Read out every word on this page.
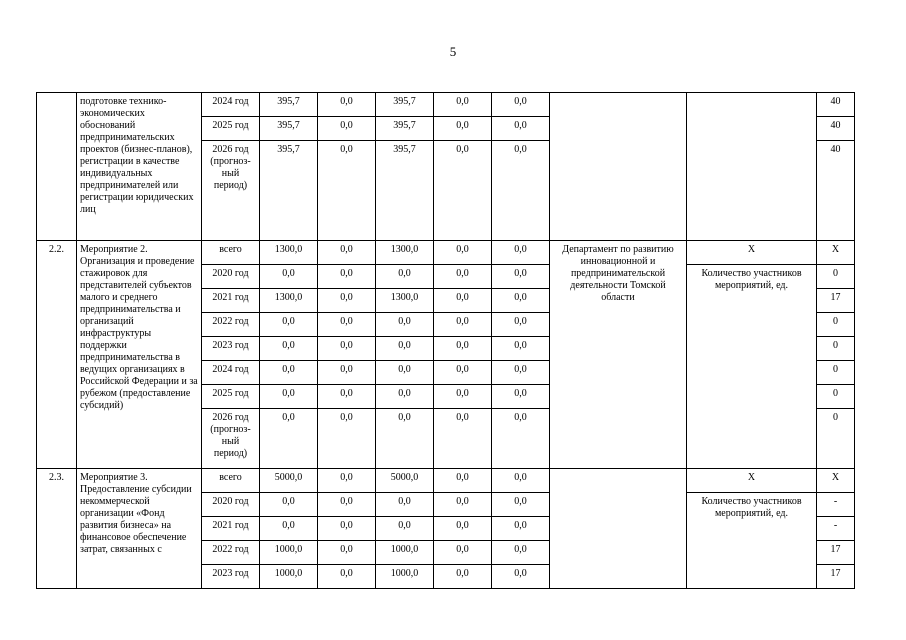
5
	подготовке технико-экономических обоснований предпринимательских проектов (бизнес-планов), регистрации в качестве индивидуальных предпринимателей или регистрации юридических лиц	2024 год	395,7	0,0	395,7	0,0	0,0			40
		2025 год	395,7	0,0	395,7	0,0	0,0			40
		2026 год (прогноз-ный период)	395,7	0,0	395,7	0,0	0,0			40
2.2.	Мероприятие 2. Организация и проведение стажировок для представителей субъектов малого и среднего предпринимательства и организаций инфраструктуры поддержки предпринимательства в ведущих организациях в Российской Федерации и за рубежом (предоставление субсидий)	всего	1300,0	0,0	1300,0	0,0	0,0	Департамент по развитию инновационной и предпринимательской деятельности Томской области	Х	Х
		2020 год	0,0	0,0	0,0	0,0	0,0		Количество участников мероприятий, ед.	0
		2021 год	1300,0	0,0	1300,0	0,0	0,0			17
		2022 год	0,0	0,0	0,0	0,0	0,0			0
		2023 год	0,0	0,0	0,0	0,0	0,0			0
		2024 год	0,0	0,0	0,0	0,0	0,0			0
		2025 год	0,0	0,0	0,0	0,0	0,0			0
		2026 год (прогноз-ный период)	0,0	0,0	0,0	0,0	0,0			0
2.3.	Мероприятие 3. Предоставление субсидии некоммерческой организации «Фонд развития бизнеса» на финансовое обеспечение затрат, связанных с	всего	5000,0	0,0	5000,0	0,0	0,0		Х	Х
		2020 год	0,0	0,0	0,0	0,0	0,0		Количество участников мероприятий, ед.	-
		2021 год	0,0	0,0	0,0	0,0	0,0			-
		2022 год	1000,0	0,0	1000,0	0,0	0,0			17
		2023 год	1000,0	0,0	1000,0	0,0	0,0			17
